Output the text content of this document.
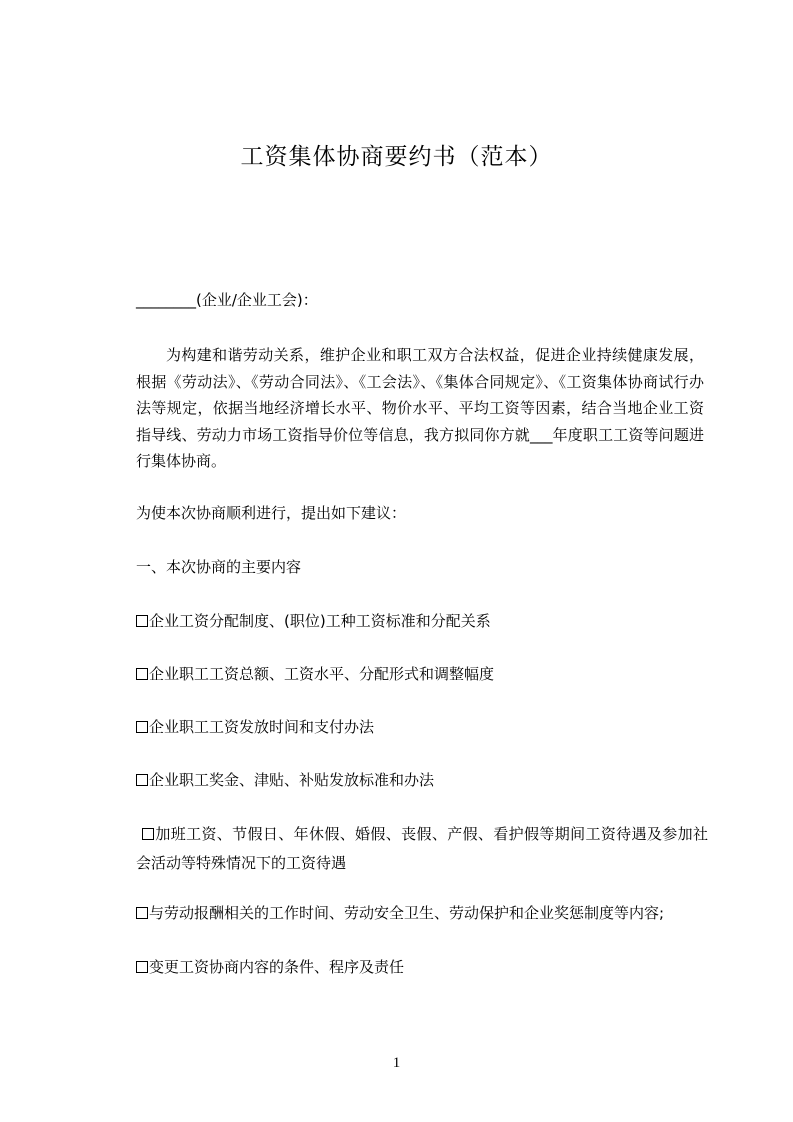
工资集体协商要约书（范本）
________(企业/企业工会)：
为构建和谐劳动关系，维护企业和职工双方合法权益，促进企业持续健康发展，根据《劳动法》、《劳动合同法》、《工会法》、《集体合同规定》、《工资集体协商试行办法等规定，依据当地经济增长水平、物价水平、平均工资等因素，结合当地企业工资指导线、劳动力市场工资指导价位等信息，我方拟同你方就___年度职工工资等问题进行集体协商。
为使本次协商顺利进行，提出如下建议：
一、本次协商的主要内容
企业工资分配制度、(职位)工种工资标准和分配关系
企业职工工资总额、工资水平、分配形式和调整幅度
企业职工工资发放时间和支付办法
企业职工奖金、津贴、补贴发放标准和办法
加班工资、节假日、年休假、婚假、丧假、产假、看护假等期间工资待遇及参加社会活动等特殊情况下的工资待遇
与劳动报酬相关的工作时间、劳动安全卫生、劳动保护和企业奖惩制度等内容;
变更工资协商内容的条件、程序及责任
1
